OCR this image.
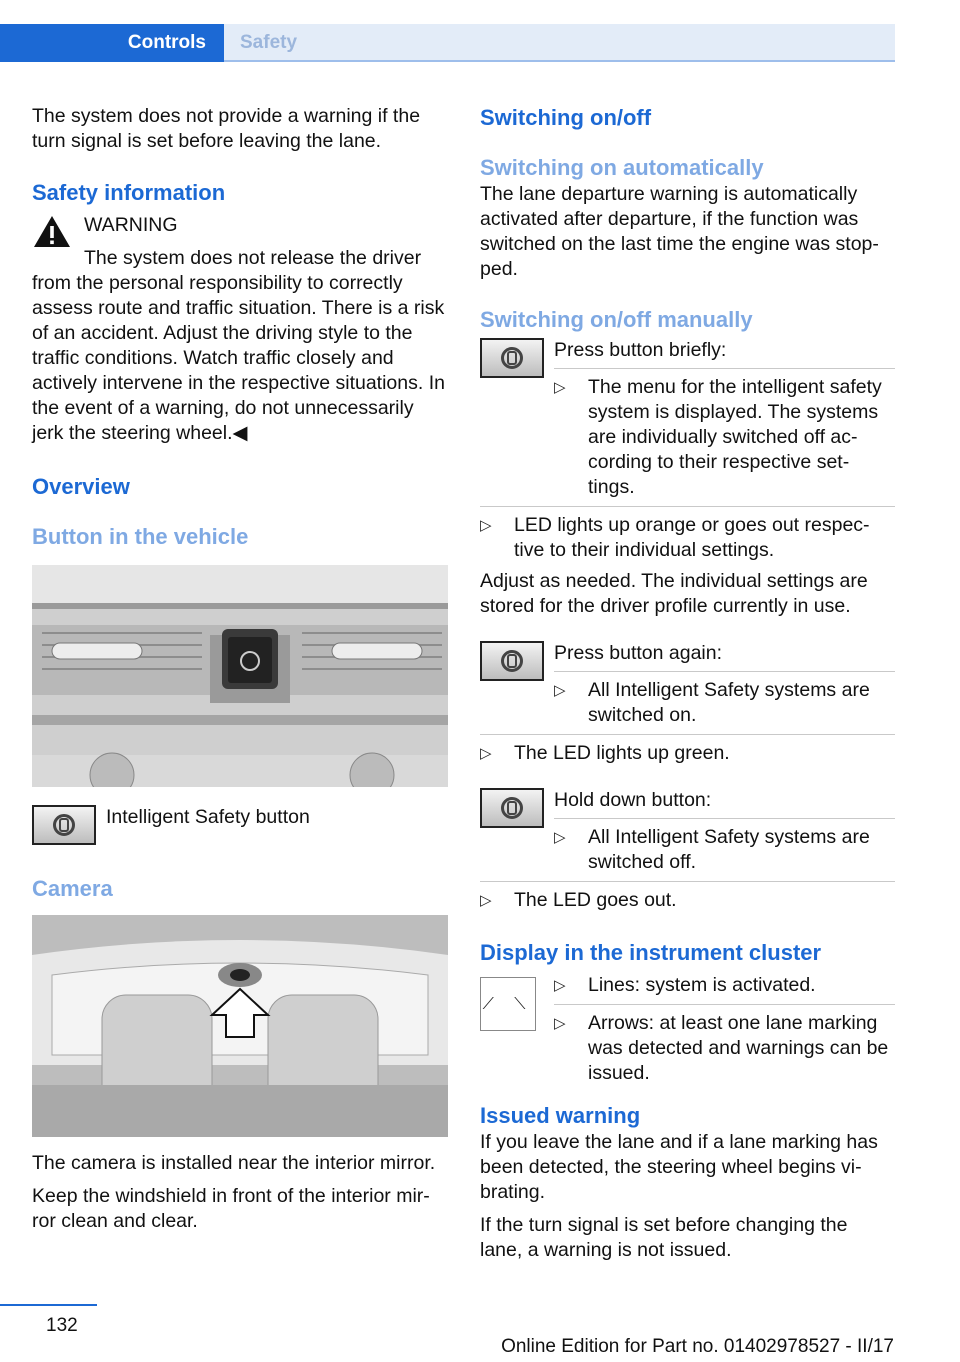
Controls	Safety

The system does not provide a warning if the turn signal is set before leaving the lane.

Safety information

WARNING

The system does not release the driver from the personal responsibility to correctly assess route and traffic situation. There is a risk of an accident. Adjust the driving style to the traffic conditions. Watch traffic closely and actively intervene in the respective situations. In the event of a warning, do not unnecessarily jerk the steering wheel.◀

Overview

Button in the vehicle

Intelligent Safety button

Camera

The camera is installed near the interior mirror.

Keep the windshield in front of the interior mir‐ror clean and clear.

Switching on/off

Switching on automatically

The lane departure warning is automatically activated after departure, if the function was switched on the last time the engine was stop‐ped.

Switching on/off manually

Press button briefly:

▷ The menu for the intelligent safety system is displayed. The systems are individually switched off ac‐cording to their respective set‐tings.

▷ LED lights up orange or goes out respec‐tive to their individual settings.

Adjust as needed. The individual settings are stored for the driver profile currently in use.

Press button again:

▷ All Intelligent Safety systems are switched on.

▷ The LED lights up green.

Hold down button:

▷ All Intelligent Safety systems are switched off.

▷ The LED goes out.

Display in the instrument cluster

⟋ ⟍

▷ Lines: system is activated.

▷ Arrows: at least one lane marking was detected and warnings can be issued.

Issued warning

If you leave the lane and if a lane marking has been detected, the steering wheel begins vi‐brating.

If the turn signal is set before changing the lane, a warning is not issued.

132
Online Edition for Part no. 01402978527 - II/17
